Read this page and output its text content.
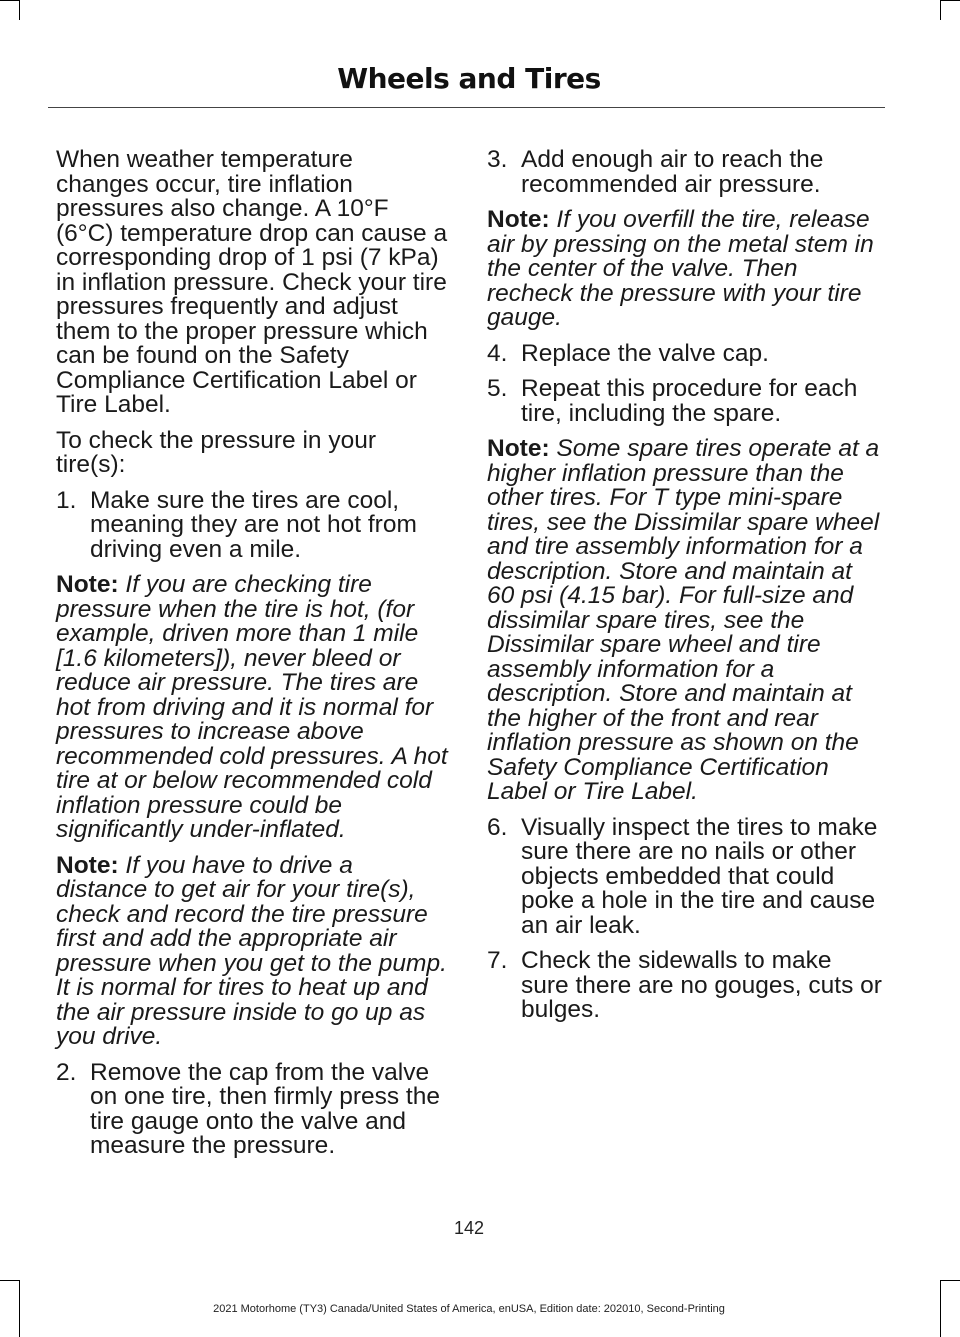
Wheels and Tires

When weather temperature changes occur, tire inflation pressures also change. A 10°F (6°C) temperature drop can cause a corresponding drop of 1 psi (7 kPa) in inflation pressure. Check your tire pressures frequently and adjust them to the proper pressure which can be found on the Safety Compliance Certification Label or Tire Label.

To check the pressure in your tire(s):

1. Make sure the tires are cool, meaning they are not hot from driving even a mile.

Note: If you are checking tire pressure when the tire is hot, (for example, driven more than 1 mile [1.6 kilometers]), never bleed or reduce air pressure. The tires are hot from driving and it is normal for pressures to increase above recommended cold pressures. A hot tire at or below recommended cold inflation pressure could be significantly under-inflated.

Note: If you have to drive a distance to get air for your tire(s), check and record the tire pressure first and add the appropriate air pressure when you get to the pump. It is normal for tires to heat up and the air pressure inside to go up as you drive.

2. Remove the cap from the valve on one tire, then firmly press the tire gauge onto the valve and measure the pressure.

3. Add enough air to reach the recommended air pressure.

Note: If you overfill the tire, release air by pressing on the metal stem in the center of the valve. Then recheck the pressure with your tire gauge.

4. Replace the valve cap.

5. Repeat this procedure for each tire, including the spare.

Note: Some spare tires operate at a higher inflation pressure than the other tires. For T type mini-spare tires, see the Dissimilar spare wheel and tire assembly information for a description. Store and maintain at 60 psi (4.15 bar). For full-size and dissimilar spare tires, see the Dissimilar spare wheel and tire assembly information for a description. Store and maintain at the higher of the front and rear inflation pressure as shown on the Safety Compliance Certification Label or Tire Label.

6. Visually inspect the tires to make sure there are no nails or other objects embedded that could poke a hole in the tire and cause an air leak.

7. Check the sidewalls to make sure there are no gouges, cuts or bulges.

142
2021 Motorhome (TY3) Canada/United States of America, enUSA, Edition date: 202010, Second-Printing
